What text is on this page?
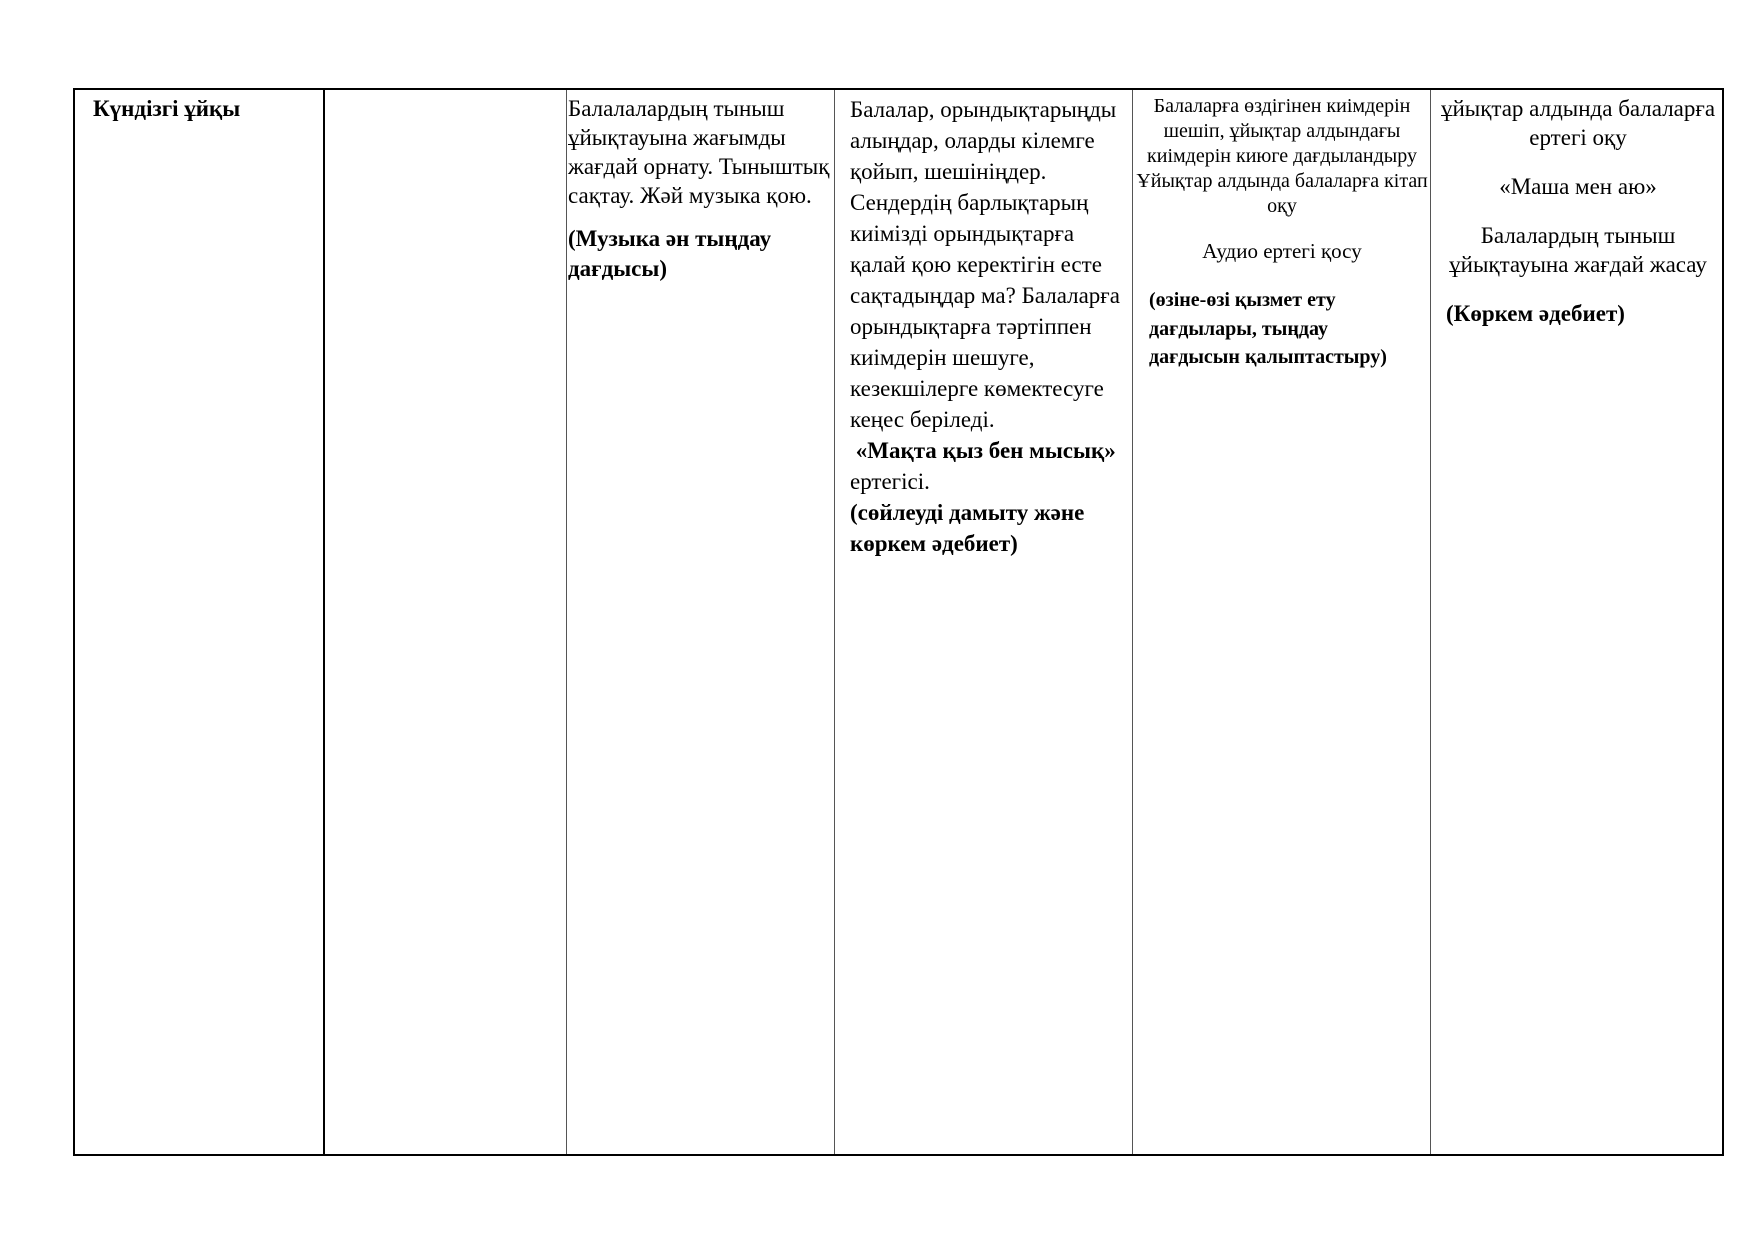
Күндізгі ұйқы	Балалалардың тыныш ұйықтауына жағымды жағдай орнату. Тыныштық сақтау. Жәй музыка қою.
(Музыка ән тыңдау дағдысы)
Балалар, орындықтарыңды алыңдар, оларды кілемге қойып, шешініңдер. Сендердің барлықтарың киімізді орындықтарға қалай қою керектігін есте сақтадыңдар ма? Балаларға орындықтарға тәртіппен киімдерін шешуге, кезекшілерге көмектесуге кеңес беріледі.
«Мақта қыз бен мысық» ертегісі.
(сөйлеуді дамыту және көркем әдебиет)
Балаларға өздігінен киімдерін шешіп, ұйықтар алдындағы киімдерін киюге дағдыландыру Ұйықтар алдында балаларға кітап оқу
Аудио ертегі қосу
(өзіне-өзі қызмет ету дағдылары, тыңдау дағдысын қалыптастыру)

ұйықтар алдында балаларға ертегі оқу

«Маша мен аю»

Балалардың тыныш ұйықтауына жағдай жасау

(Көркем әдебиет)
